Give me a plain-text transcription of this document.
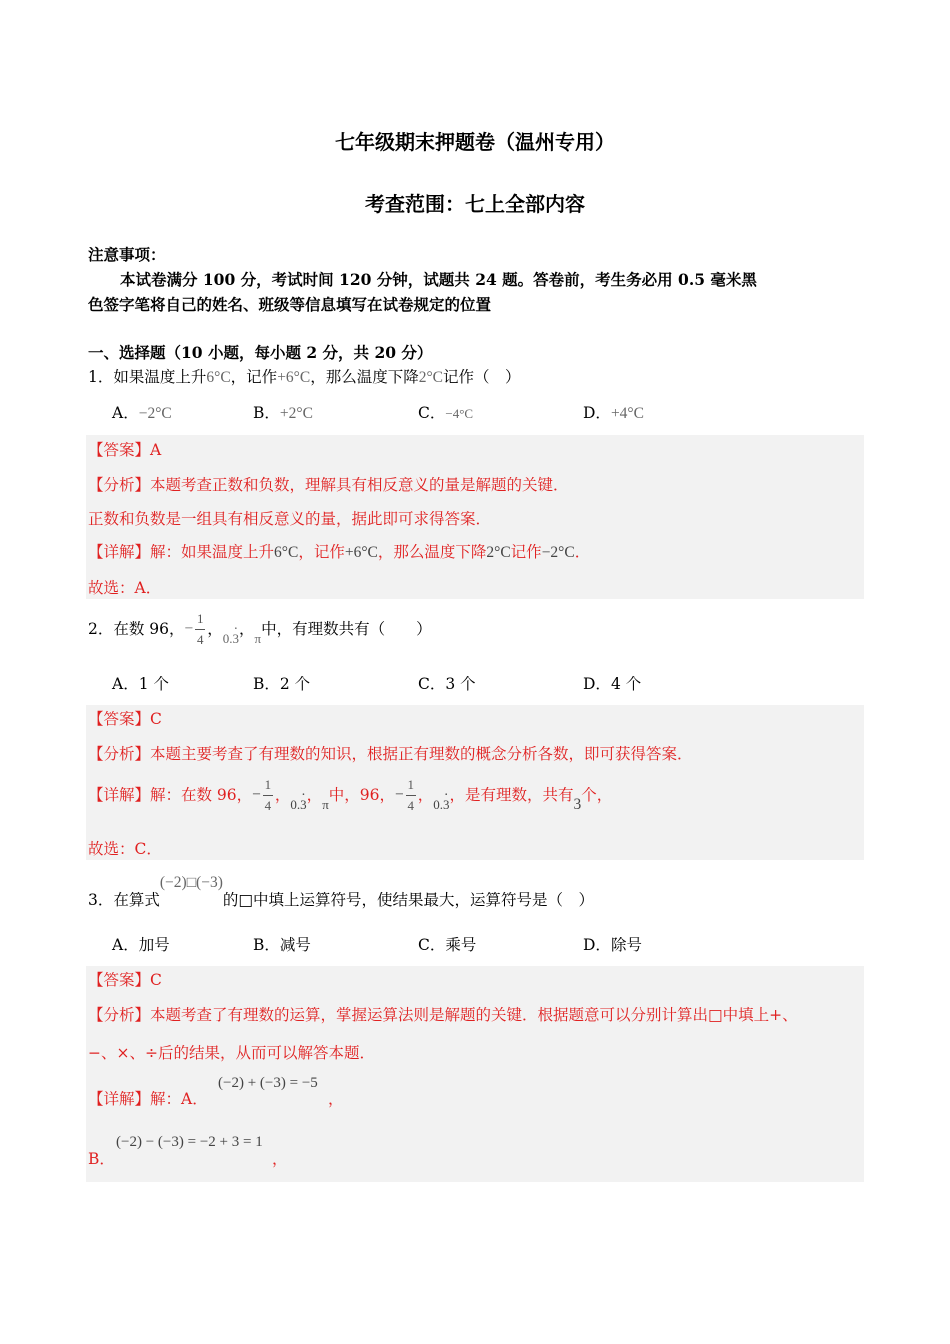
七年级期末押题卷（温州专用）
考查范围：七上全部内容
注意事项：
本试卷满分 100 分，考试时间 120 分钟，试题共 24 题。答卷前，考生务必用 0.5 毫米黑
色签字笔将自己的姓名、班级等信息填写在试卷规定的位置
一、选择题（10 小题，每小题 2 分，共 20 分）
1．如果温度上升6°C，记作+6°C，那么温度下降2°C记作（　）
A．−2°C	B．+2°C	C．−4°C	D．+4°C
【答案】A
【分析】本题考查正数和负数，理解具有相反意义的量是解题的关键．
正数和负数是一组具有相反意义的量，据此即可求得答案．
【详解】解：如果温度上升6°C，记作+6°C，那么温度下降2°C记作−2°C．
故选：A．
2．在数 96，− $\frac{1}{4}$ ，$_{0.3}$ ·，$_\pi$中，有理数共有（　　）
A．1 个	B．2 个	C．3 个	D．4 个
【答案】C
【分析】本题主要考查了有理数的知识，根据正有理数的概念分析各数，即可获得答案．
【详解】解：在数 96，− $\frac{1}{4}$ ，$_{0.3}$ ·，$_\pi$中，96，− $\frac{1}{4}$ ，$_{0.3}$ ·，是有理数，共有3个，
故选：C．
3．在算式(−2)□(−3)的□中填上运算符号，使结果最大，运算符号是（　）
A．加号	B．减号	C．乘号	D．除号
【答案】C
【分析】本题考查了有理数的运算，掌握运算法则是解题的关键．根据题意可以分别计算出□中填上+、
−、×、÷后的结果，从而可以解答本题．
(−2) + (−3) = −5
【详解】解：A．	，
(−2) − (−3) = −2 + 3 = 1
B．	，
